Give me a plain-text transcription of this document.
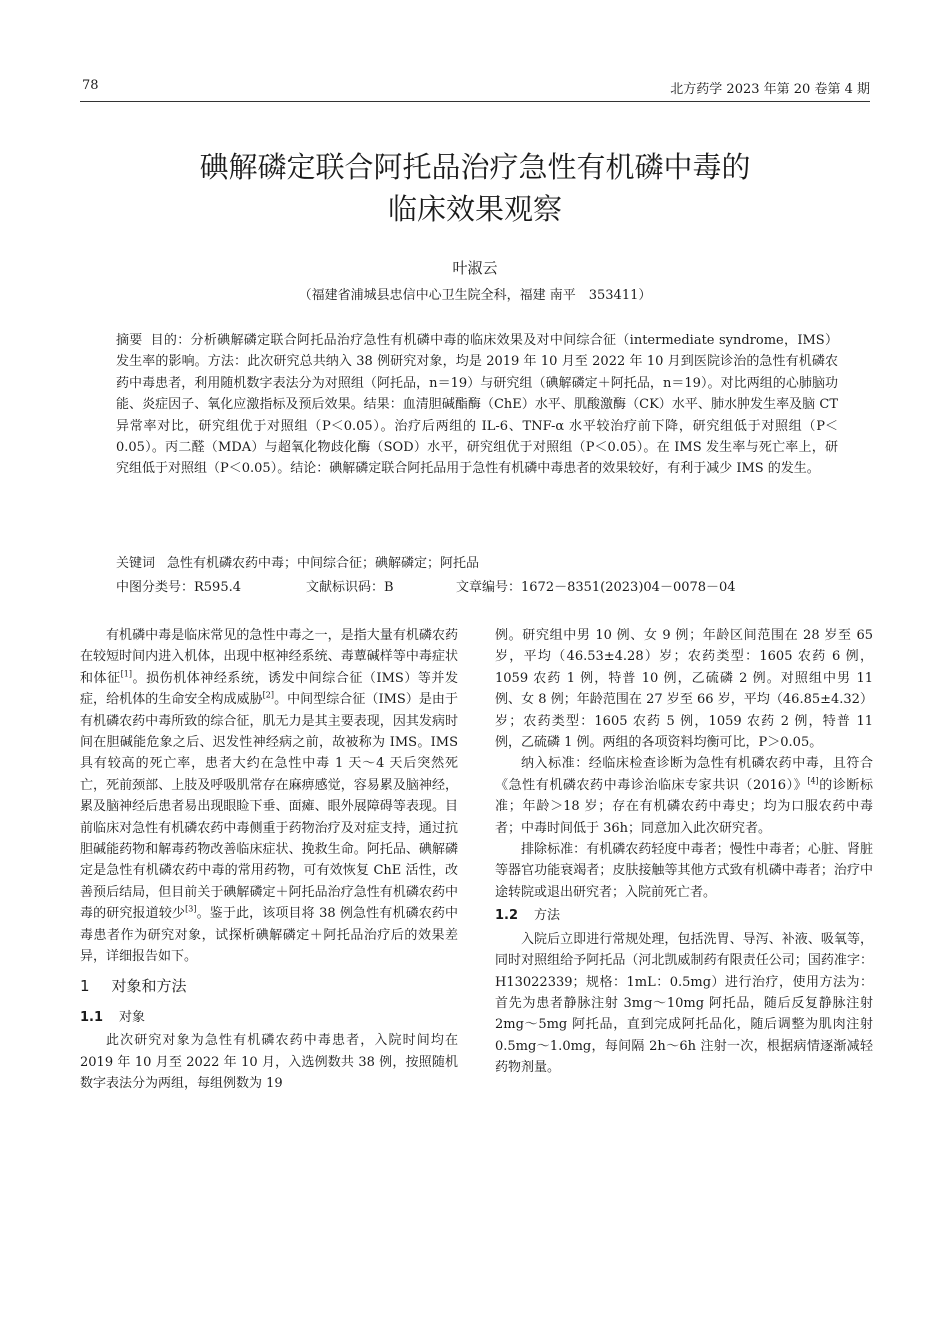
78	北方药学 2023 年第 20 卷第 4 期
碘解磷定联合阿托品治疗急性有机磷中毒的
临床效果观察
叶淑云
（福建省浦城县忠信中心卫生院全科，福建 南平　353411）
摘要 目的：分析碘解磷定联合阿托品治疗急性有机磷中毒的临床效果及对中间综合征（intermediate syndrome，IMS）发生率的影响。方法：此次研究总共纳入 38 例研究对象，均是 2019 年 10 月至 2022 年 10 月到医院诊治的急性有机磷农药中毒患者，利用随机数字表法分为对照组（阿托品，n＝19）与研究组（碘解磷定＋阿托品，n＝19）。对比两组的心肺脑功能、炎症因子、氧化应激指标及预后效果。结果：血清胆碱酯酶（ChE）水平、肌酸激酶（CK）水平、肺水肿发生率及脑 CT 异常率对比，研究组优于对照组（P＜0.05）。治疗后两组的 IL-6、TNF-α 水平较治疗前下降，研究组低于对照组（P＜0.05）。丙二醛（MDA）与超氧化物歧化酶（SOD）水平，研究组优于对照组（P＜0.05）。在 IMS 发生率与死亡率上，研究组低于对照组（P＜0.05）。结论：碘解磷定联合阿托品用于急性有机磷中毒患者的效果较好，有利于减少 IMS 的发生。
关键词 急性有机磷农药中毒；中间综合征；碘解磷定；阿托品
中图分类号：R595.4	文献标识码：B	文章编号：1672－8351(2023)04－0078－04

有机磷中毒是临床常见的急性中毒之一，是指大量有机磷农药在较短时间内进入机体，出现中枢神经系统、毒蕈碱样等中毒症状和体征[1]。损伤机体神经系统，诱发中间综合征（IMS）等并发症，给机体的生命安全构成威胁[2]。中间型综合征（IMS）是由于有机磷农药中毒所致的综合征，肌无力是其主要表现，因其发病时间在胆碱能危象之后、迟发性神经病之前，故被称为 IMS。IMS 具有较高的死亡率，患者大约在急性中毒 1 天～4 天后突然死亡，死前颈部、上肢及呼吸肌常存在麻痹感觉，容易累及脑神经，累及脑神经后患者易出现眼睑下垂、面瘫、眼外展障碍等表现。目前临床对急性有机磷农药中毒侧重于药物治疗及对症支持，通过抗胆碱能药物和解毒药物改善临床症状、挽救生命。阿托品、碘解磷定是急性有机磷农药中毒的常用药物，可有效恢复 ChE 活性，改善预后结局，但目前关于碘解磷定＋阿托品治疗急性有机磷农药中毒的研究报道较少[3]。鉴于此，该项目将 38 例急性有机磷农药中毒患者作为研究对象，试探析碘解磷定＋阿托品治疗后的效果差异，详细报告如下。

1 对象和方法
1.1 对象

此次研究对象为急性有机磷农药中毒患者，入院时间均在 2019 年 10 月至 2022 年 10 月，入选例数共 38 例，按照随机数字表法分为两组，每组例数为 19

例。研究组中男 10 例、女 9 例；年龄区间范围在 28 岁至 65 岁，平均（46.53±4.28）岁；农药类型：1605 农药 6 例，1059 农药 1 例，特普 10 例，乙硫磷 2 例。对照组中男 11 例、女 8 例；年龄范围在 27 岁至 66 岁，平均（46.85±4.32）岁；农药类型：1605 农药 5 例，1059 农药 2 例，特普 11 例，乙硫磷 1 例。两组的各项资料均衡可比，P＞0.05。

纳入标准：经临床检查诊断为急性有机磷农药中毒，且符合《急性有机磷农药中毒诊治临床专家共识（2016）》[4]的诊断标准；年龄＞18 岁；存在有机磷农药中毒史；均为口服农药中毒者；中毒时间低于 36h；同意加入此次研究者。

排除标准：有机磷农药轻度中毒者；慢性中毒者；心脏、肾脏等器官功能衰竭者；皮肤接触等其他方式致有机磷中毒者；治疗中途转院或退出研究者；入院前死亡者。

1.2 方法

入院后立即进行常规处理，包括洗胃、导泻、补液、吸氧等，同时对照组给予阿托品（河北凯威制药有限责任公司；国药准字：H13022339；规格：1mL：0.5mg）进行治疗，使用方法为：首先为患者静脉注射 3mg～10mg 阿托品，随后反复静脉注射 2mg～5mg 阿托品，直到完成阿托品化，随后调整为肌肉注射 0.5mg～1.0mg，每间隔 2h～6h 注射一次，根据病情逐渐减轻药物剂量。
